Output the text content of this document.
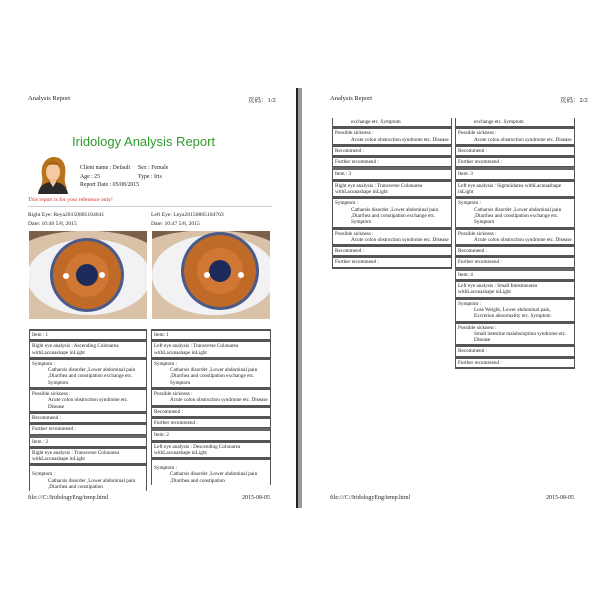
Analysis Report	页码：1/2
Iridology Analysis Report
Client name : Default Sex : Female
Age : 25	Type : Iris
Report Date : 05/08/2015
This report is for your reference only!
Right Eye: Reya20150805104641
Date: 10:46 5/8, 2015
Left Eye: Leya20150805104703
Date: 10:47 5/8, 2015
Item : 1
Right eye analysis : Ascending Colonarea withLacunashape inLight
Symptom :
Catharsis disorder ,Lower abdominal pain ,Diarrhea and constipation exchange etc. Symptom
Possible sickness :
Acute colon obstruction syndrome etc. Disease
Recommend :
Further recommend :
Item : 2
Right eye analysis : Transverse Colonarea withLacunashape inLight
Symptom :
Catharsis disorder ,Lower abdominal pain ,Diarrhea and constipation
Item: 1
Left eye analysis : Transverse Colonarea withLacunashape inLight
Symptom :
Catharsis disorder ,Lower abdominal pain ,Diarrhea and constipation exchange etc. Symptom
Possible sickness :
Acute colon obstruction syndrome etc. Disease
Recommend :
Further recommend :
Item: 2
Left eye analysis : Descending Colonarea withLacunashape inLight
Symptom :
Catharsis disorder ,Lower abdominal pain ,Diarrhea and constipation
file:///C:/IridologyEng/temp.html	2015-08-05
Analysis Report	页码：2/2
exchange etc. Symptom
Possible sickness :
Acute colon obstruction syndrome etc. Disease
Recommend :
Further recommend :
Item : 3
Right eye analysis : Transverse Colonarea withLacunashape inLight
Symptom :
Catharsis disorder ,Lower abdominal pain ,Diarrhea and constipation exchange etc. Symptom
Possible sickness :
Acute colon obstruction syndrome etc. Disease
Recommend :
Further recommend :
exchange etc. Symptom
Possible sickness :
Acute colon obstruction syndrome etc. Disease
Recommend :
Further recommend :
Item: 3
Left eye analysis : Sigmoidarea withLacunashape inLight
Symptom :
Catharsis disorder ,Lower abdominal pain ,Diarrhea and constipation exchange etc. Symptom
Possible sickness :
Acute colon obstruction syndrome etc. Disease
Recommend :
Further recommend :
Item: 4
Left eye analysis : Small Intestinearea withLacunashape inLight
Symptom :
Loss Weight, Lower abdominal pain, Excretion abnormality etc. Symptom
Possible sickness :
Small intestine malabsorption syndrome etc. Disease
Recommend :
Further recommend :
file:///C:/IridologyEng/temp.html	2015-08-05
